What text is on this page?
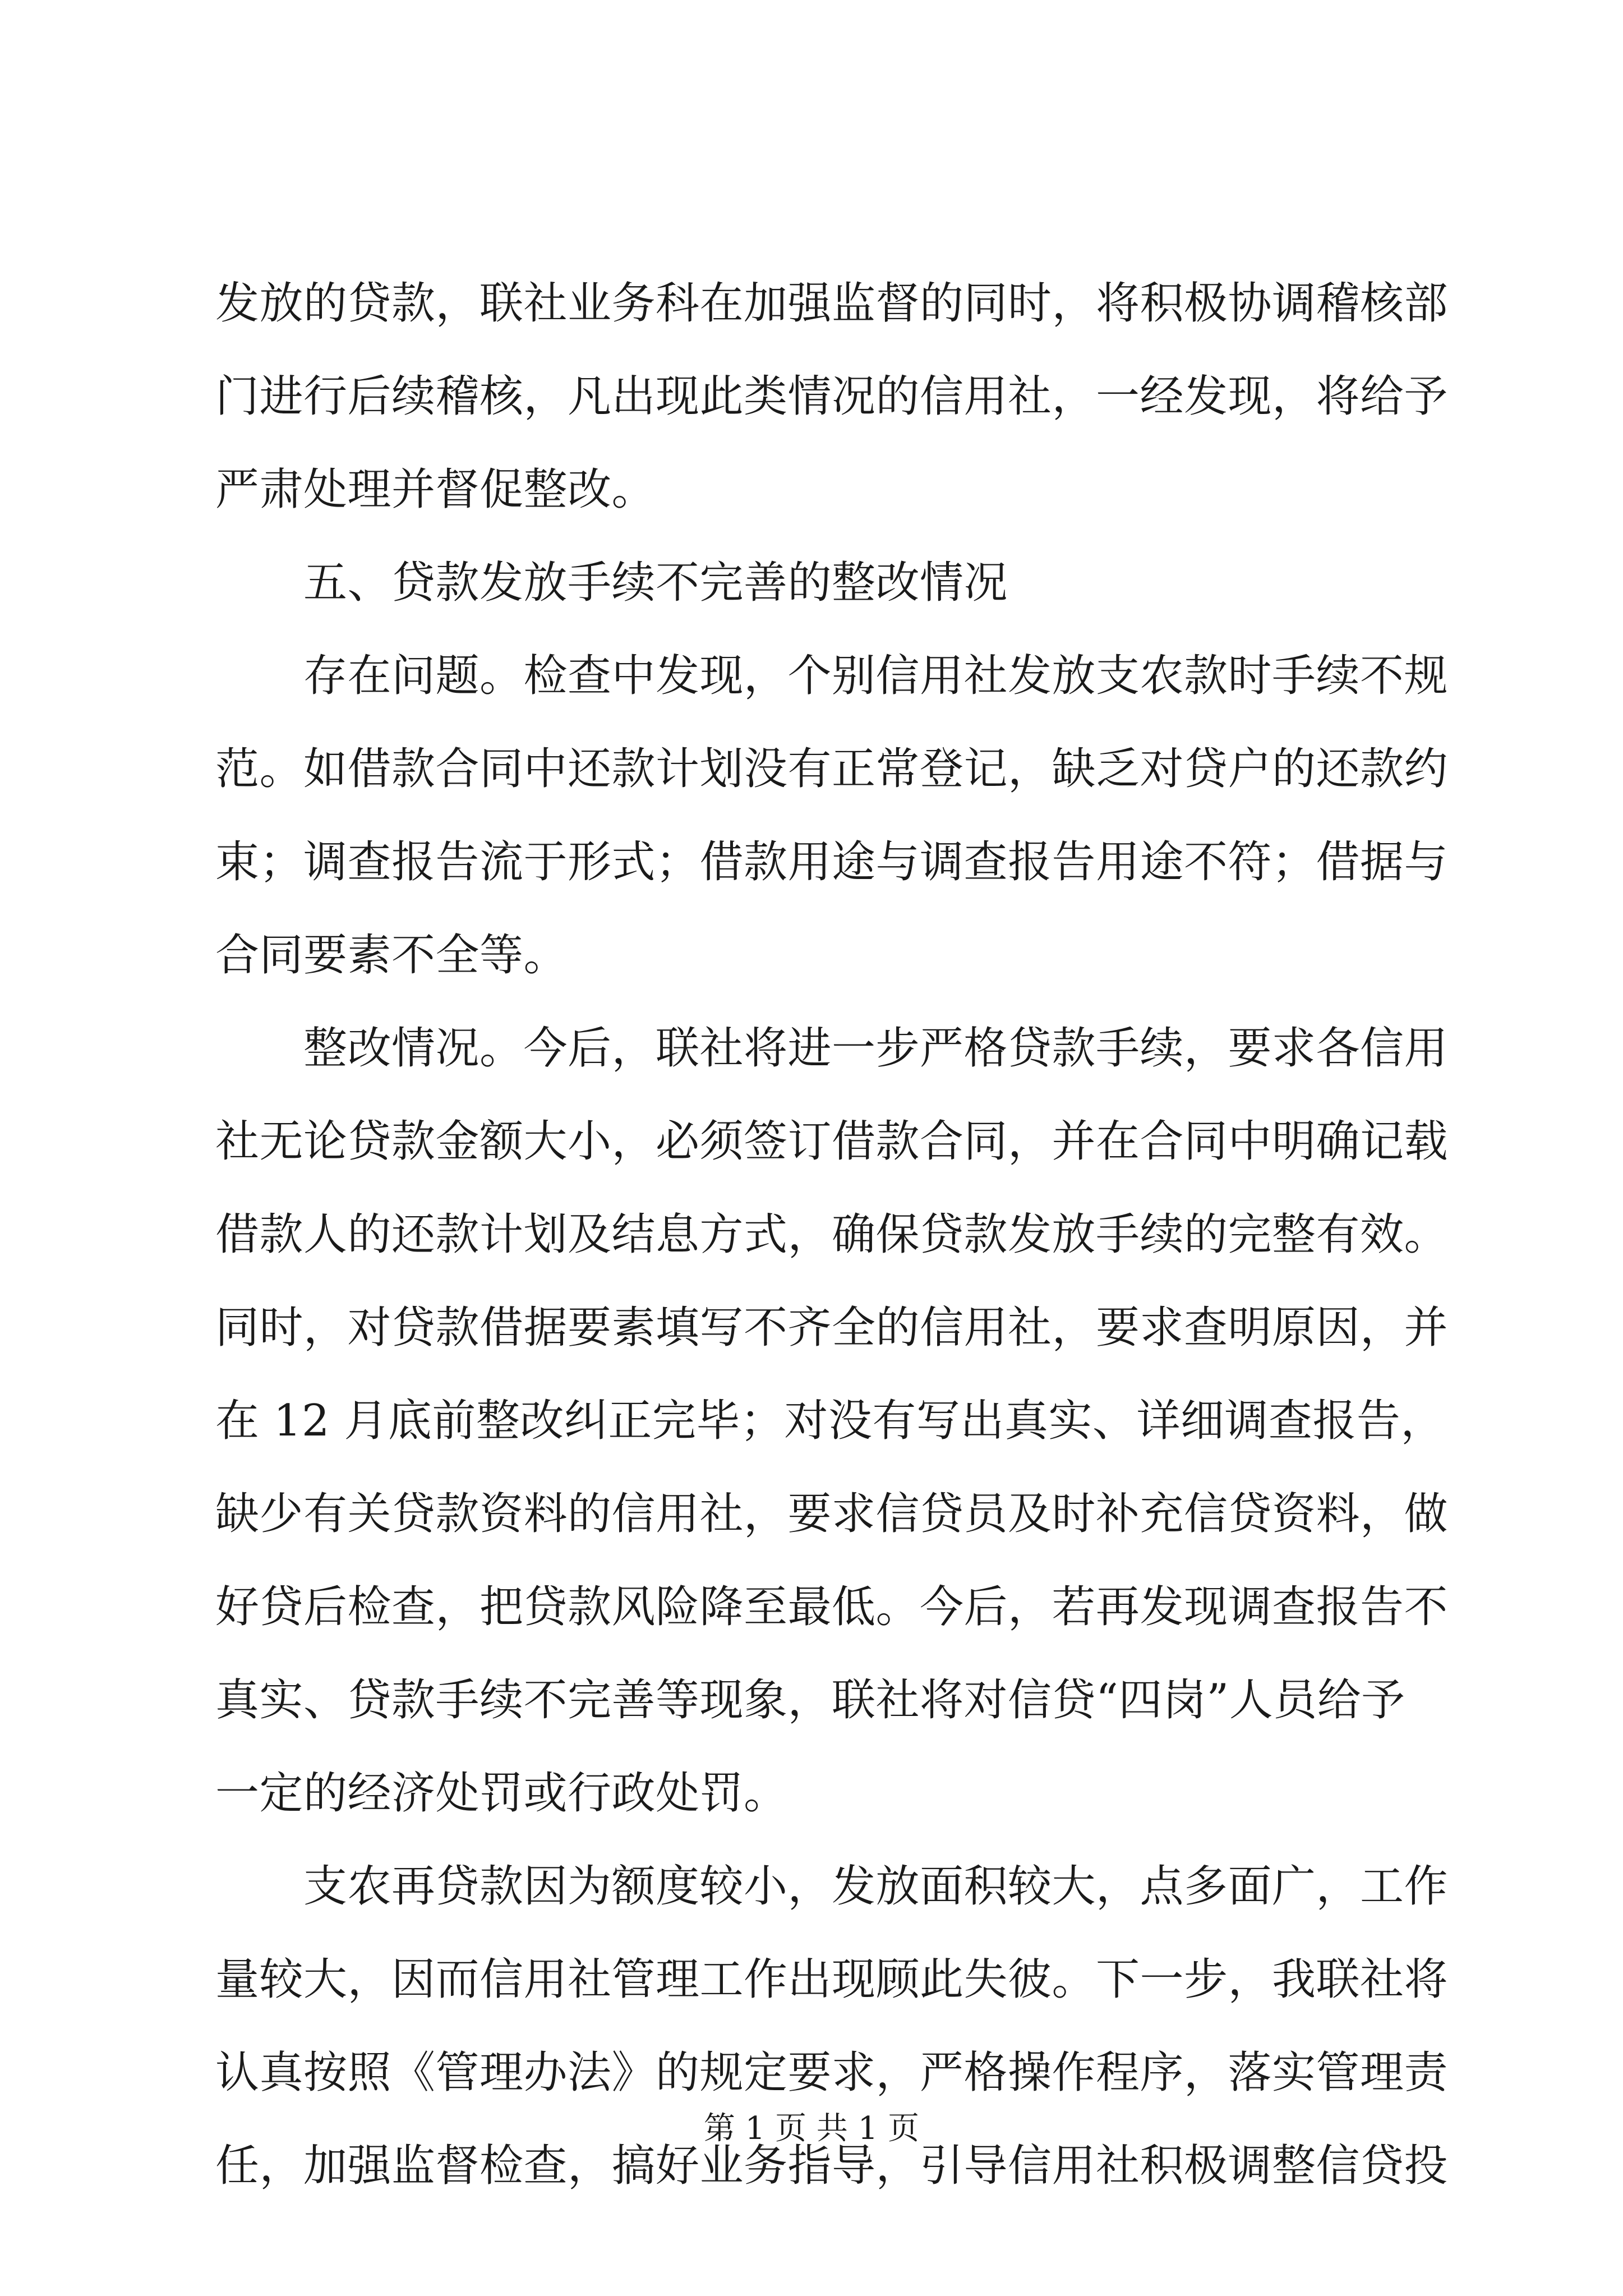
发放的贷款，联社业务科在加强监督的同时，将积极协调稽核部
门进行后续稽核，凡出现此类情况的信用社，一经发现，将给予
严肃处理并督促整改。
　　五、贷款发放手续不完善的整改情况
　　存在问题。检查中发现，个别信用社发放支农款时手续不规
范。如借款合同中还款计划没有正常登记，缺乏对贷户的还款约
束；调查报告流于形式；借款用途与调查报告用途不符；借据与
合同要素不全等。
　　整改情况。今后，联社将进一步严格贷款手续，要求各信用
社无论贷款金额大小，必须签订借款合同，并在合同中明确记载
借款人的还款计划及结息方式，确保贷款发放手续的完整有效。
同时，对贷款借据要素填写不齐全的信用社，要求查明原因，并
在 12 月底前整改纠正完毕；对没有写出真实、详细调查报告，
缺少有关贷款资料的信用社，要求信贷员及时补充信贷资料，做
好贷后检查，把贷款风险降至最低。今后，若再发现调查报告不
真实、贷款手续不完善等现象，联社将对信贷“四岗”人员给予
一定的经济处罚或行政处罚。
　　支农再贷款因为额度较小，发放面积较大，点多面广，工作
量较大，因而信用社管理工作出现顾此失彼。下一步，我联社将
认真按照《管理办法》的规定要求，严格操作程序，落实管理责
任，加强监督检查，搞好业务指导，引导信用社积极调整信贷投
第 1 页 共 1 页
